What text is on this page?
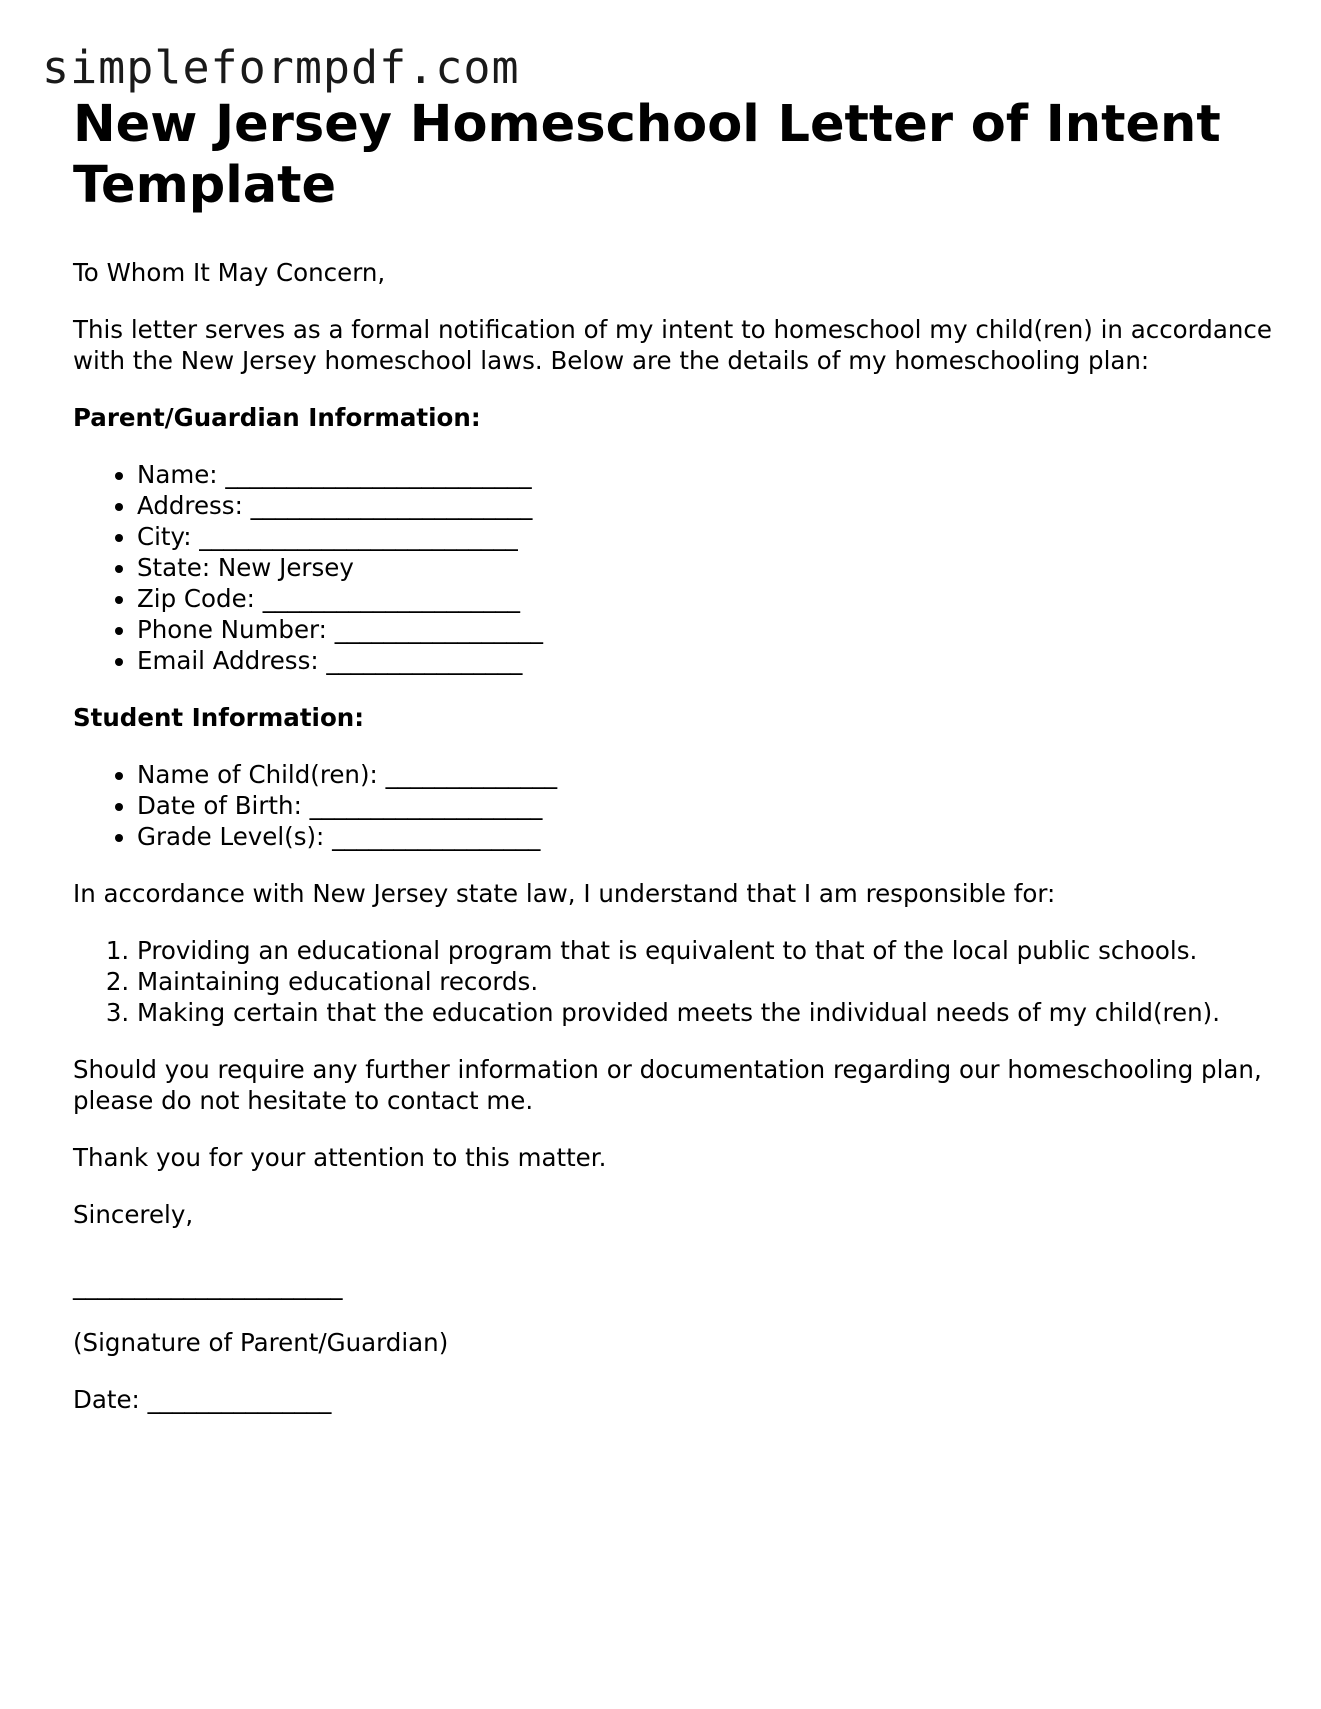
simpleformpdf.com
New Jersey Homeschool Letter of Intent Template

To Whom It May Concern,

This letter serves as a formal notification of my intent to homeschool my child(ren) in accordance with the New Jersey homeschool laws. Below are the details of my homeschooling plan:

Parent/Guardian Information:

• Name: _________________________
• Address: _______________________
• City: __________________________
• State: New Jersey
• Zip Code: _____________________
• Phone Number: _________________
• Email Address: ________________

Student Information:

• Name of Child(ren): ______________
• Date of Birth: ___________________
• Grade Level(s): _________________

In accordance with New Jersey state law, I understand that I am responsible for:

1. Providing an educational program that is equivalent to that of the local public schools.
2. Maintaining educational records.
3. Making certain that the education provided meets the individual needs of my child(ren).

Should you require any further information or documentation regarding our homeschooling plan, please do not hesitate to contact me.

Thank you for your attention to this matter.

Sincerely,

______________________

(Signature of Parent/Guardian)

Date: _______________
